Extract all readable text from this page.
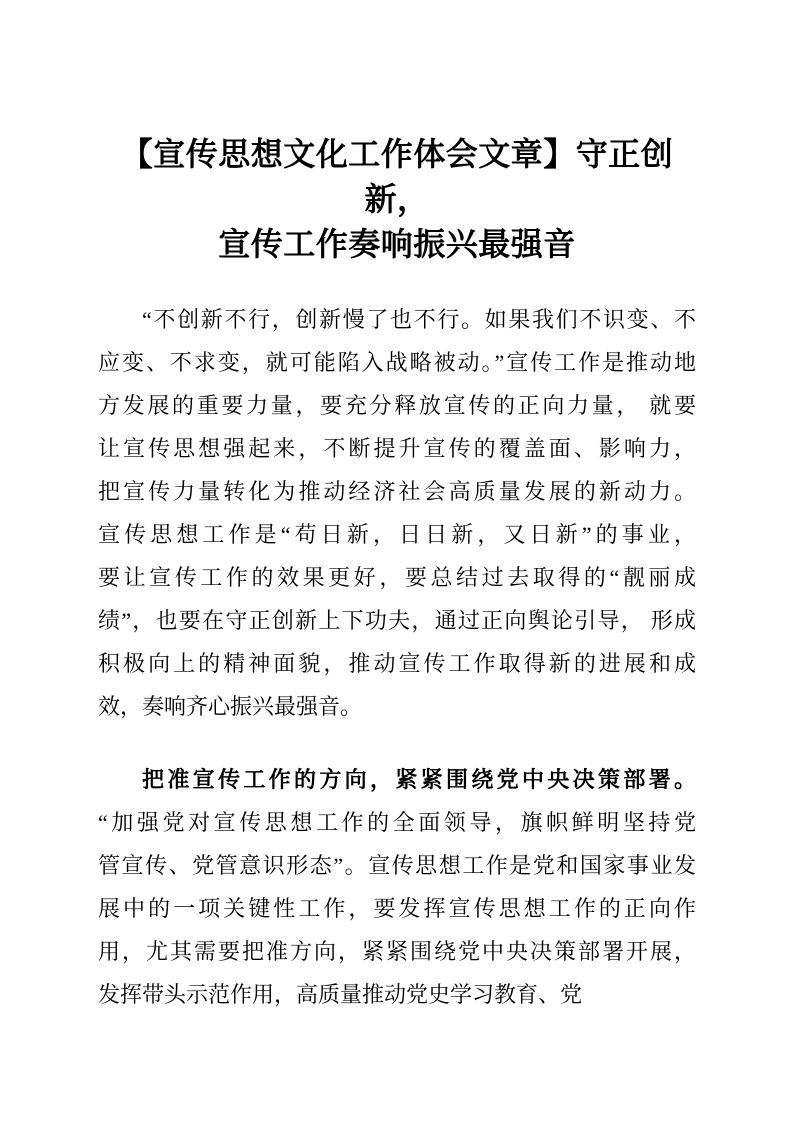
【宣传思想文化工作体会文章】守正创新，
宣传工作奏响振兴最强音
“不创新不行，创新慢了也不行。如果我们不识变、不
应变、不求变，就可能陷入战略被动。”宣传工作是推动地
方发展的重要力量，要充分释放宣传的正向力量， 就要
让宣传思想强起来，不断提升宣传的覆盖面、影响力，
把宣传力量转化为推动经济社会高质量发展的新动力。
宣传思想工作是“苟日新，日日新，又日新”的事业，
要让宣传工作的效果更好，要总结过去取得的“靓丽成
绩”，也要在守正创新上下功夫，通过正向舆论引导， 形成
积极向上的精神面貌，推动宣传工作取得新的进展和成
效，奏响齐心振兴最强音。
把准宣传工作的方向，紧紧围绕党中央决策部署。
“加强党对宣传思想工作的全面领导，旗帜鲜明坚持党
管宣传、党管意识形态”。宣传思想工作是党和国家事业发
展中的一项关键性工作，要发挥宣传思想工作的正向作
用，尤其需要把准方向，紧紧围绕党中央决策部署开展，
发挥带头示范作用，高质量推动党史学习教育、党
